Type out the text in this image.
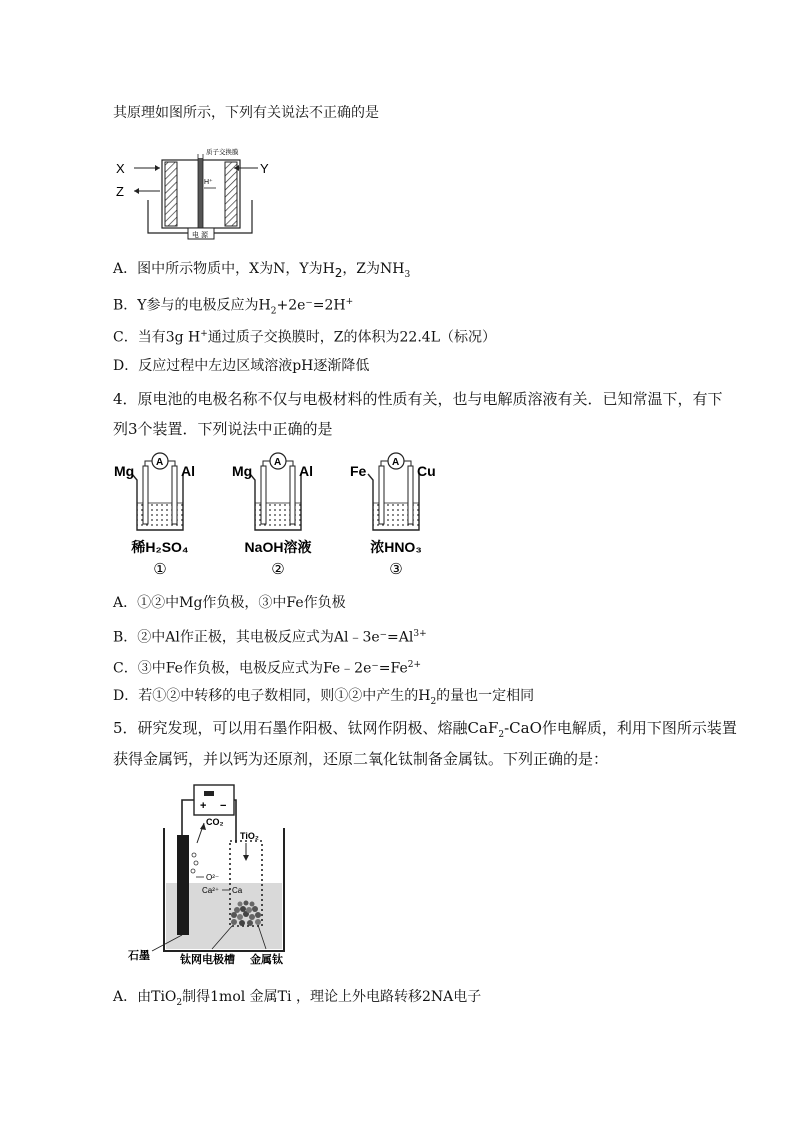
其原理如图所示，下列有关说法不正确的是
X
Z
Y
质子交换膜
H⁺
电 源
A．图中所示物质中，X为N，Y为$H_2$，Z为$NH_3$
B．Y参与的电极反应为$H_2+2e^-=2H^+$
C．当有3g H+通过质子交换膜时，Z的体积为22.4L（标况）
D．反应过程中左边区域溶液pH逐渐降低
4．原电池的电极名称不仅与电极材料的性质有关，也与电解质溶液有关．已知常温下，有下
列3个装置．下列说法中正确的是
A
Mg	Al
稀H₂SO₄
①
A
Mg	Al
NaOH溶液
②
A
Fe	Cu
浓HNO₃
③
A．①②中Mg作负极，③中Fe作负极
B．②中Al作正极，其电极反应式为$Al﹣3e^-=Al^{3+}$
C．③中Fe作负极，电极反应式为$Fe﹣2e^-=Fe^{2+}$
D．若①②中转移的电子数相同，则①②中产生的$H_2$的量也一定相同
5．研究发现，可以用石墨作阳极、钛网作阴极、熔融CaF$_2$-CaO作电解质，利用下图所示装置
获得金属钙，并以钙为还原剂，还原二氧化钛制备金属钛。下列正确的是：
+ −
CO₂
TiO₂
O²⁻
Ca²⁺ Ca
石墨	钛网电极槽 金属钛
A．由TiO$_2$制得1mol 金属Ti ，理论上外电路转移2NA电子
